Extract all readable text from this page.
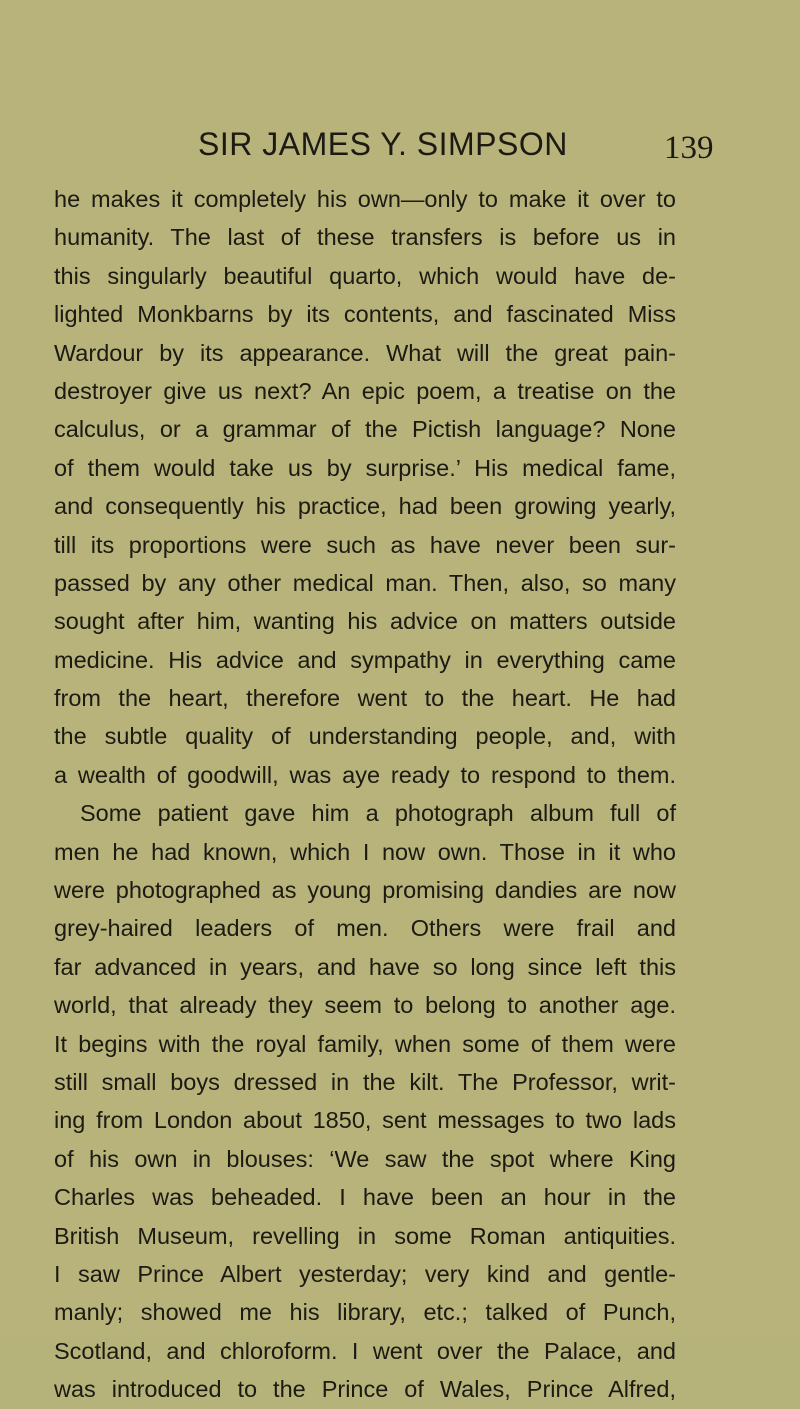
SIR JAMES Y. SIMPSON	139
he makes it completely his own—only to make it over to
humanity. The last of these transfers is before us in
this singularly beautiful quarto, which would have de-
lighted Monkbarns by its contents, and fascinated Miss
Wardour by its appearance. What will the great pain-
destroyer give us next? An epic poem, a treatise on the
calculus, or a grammar of the Pictish language? None
of them would take us by surprise.’ His medical fame,
and consequently his practice, had been growing yearly,
till its proportions were such as have never been sur-
passed by any other medical man. Then, also, so many
sought after him, wanting his advice on matters outside
medicine. His advice and sympathy in everything came
from the heart, therefore went to the heart. He had
the subtle quality of understanding people, and, with
a wealth of goodwill, was aye ready to respond to them.
Some patient gave him a photograph album full of
men he had known, which I now own. Those in it who
were photographed as young promising dandies are now
grey-haired leaders of men. Others were frail and
far advanced in years, and have so long since left this
world, that already they seem to belong to another age.
It begins with the royal family, when some of them were
still small boys dressed in the kilt. The Professor, writ-
ing from London about 1850, sent messages to two lads
of his own in blouses: ‘We saw the spot where King
Charles was beheaded. I have been an hour in the
British Museum, revelling in some Roman antiquities.
I saw Prince Albert yesterday; very kind and gentle-
manly; showed me his library, etc.; talked of Punch,
Scotland, and chloroform. I went over the Palace, and
was introduced to the Prince of Wales, Prince Alfred,
